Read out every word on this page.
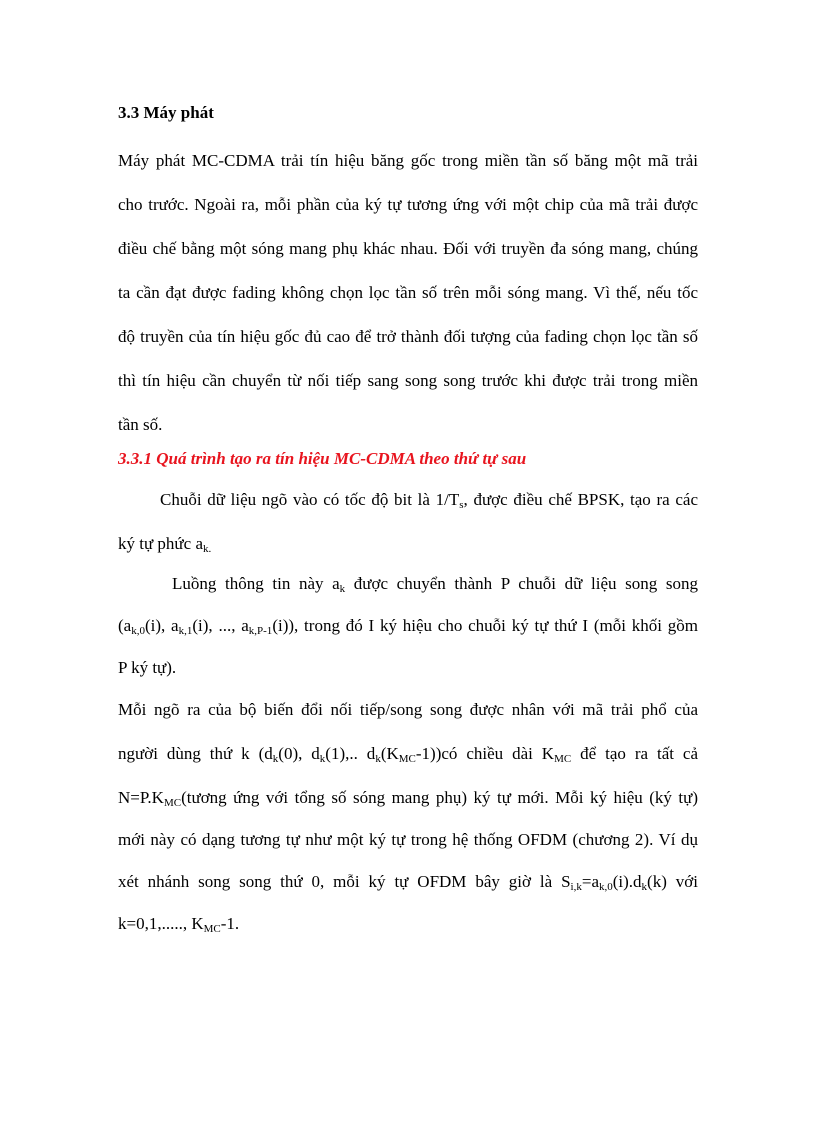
3.3 Máy phát
Máy phát MC-CDMA trải tín hiệu băng gốc trong miền tần số băng một mã trải
cho trước. Ngoài ra, mỗi phần của ký tự tương ứng với một chip của mã trải được
điều chế bằng một sóng mang phụ khác nhau. Đối với truyền đa sóng mang, chúng
ta cần đạt được fading không chọn lọc tần số trên mỗi sóng mang. Vì thế, nếu tốc
độ truyền của tín hiệu gốc đủ cao để trở thành đối tượng của fading chọn lọc tần số
thì tín hiệu cần chuyển từ nối tiếp sang song song trước khi được trải trong miền
tần số.
3.3.1 Quá trình tạo ra tín hiệu MC-CDMA theo thứ tự sau
Chuỗi dữ liệu ngõ vào có tốc độ bit là $1/T_s$, được điều chế BPSK, tạo ra các
ký tự phức $a_{k.}$
Luồng thông tin này $a_k$ được chuyển thành P chuỗi dữ liệu song song
($a_{k,0}(i)$, $a_{k,1}(i)$, ..., $a_{k,P-1}(i)$), trong đó I ký hiệu cho chuỗi ký tự thứ I (mỗi khối gồm
P ký tự).
Mỗi ngõ ra của bộ biến đổi nối tiếp/song song được nhân với mã trải phổ của
người dùng thứ k ($d_k(0)$, $d_k(1)$,.. $d_k(K_{MC}-1))có$ chiều dài $K_{MC}$ để tạo ra tất cả
$N=P.K_{MC}(tương$ ứng với tổng số sóng mang phụ) ký tự mới. Mỗi ký hiệu (ký tự)
mới này có dạng tương tự như một ký tự trong hệ thống OFDM (chương 2). Ví dụ
xét nhánh song song thứ 0, mỗi ký tự OFDM bây giờ là $S_{i,k}=a_{k,0}(i).d_k(k)$ với
k=0,1,....., $K_{MC}-1$.
